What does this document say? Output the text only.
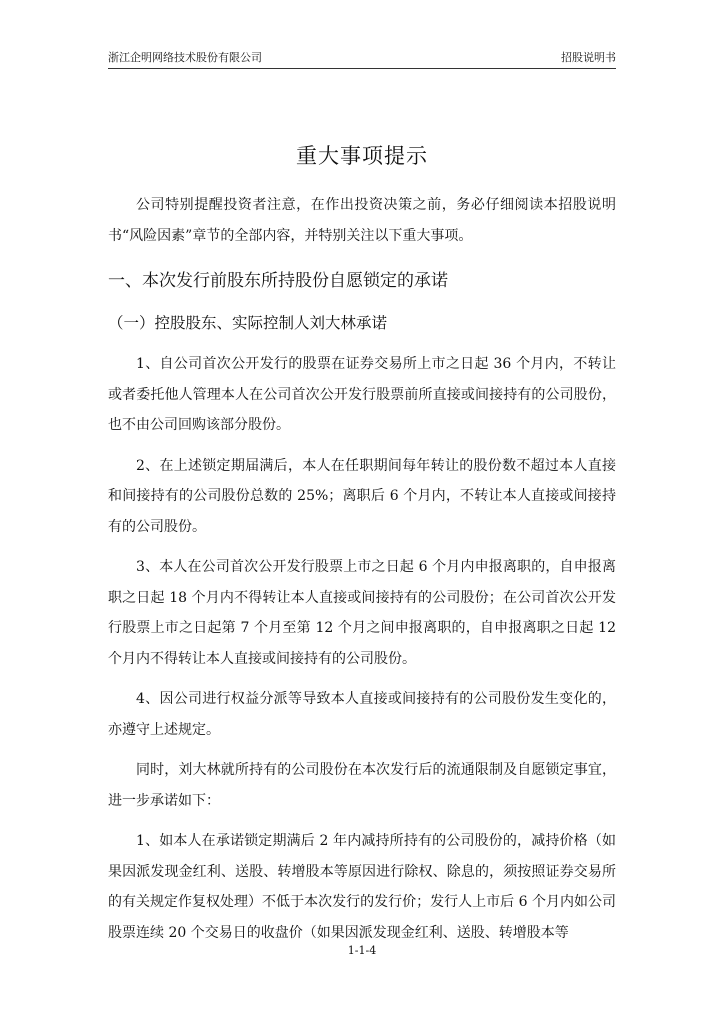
浙江企明网络技术股份有限公司	招股说明书
重大事项提示

公司特别提醒投资者注意，在作出投资决策之前，务必仔细阅读本招股说明书“风险因素”章节的全部内容，并特别关注以下重大事项。

一、本次发行前股东所持股份自愿锁定的承诺
（一）控股股东、实际控制人刘大林承诺

1、自公司首次公开发行的股票在证券交易所上市之日起 36 个月内，不转让或者委托他人管理本人在公司首次公开发行股票前所直接或间接持有的公司股份，也不由公司回购该部分股份。

2、在上述锁定期届满后，本人在任职期间每年转让的股份数不超过本人直接和间接持有的公司股份总数的 25%；离职后 6 个月内，不转让本人直接或间接持有的公司股份。

3、本人在公司首次公开发行股票上市之日起 6 个月内申报离职的，自申报离职之日起 18 个月内不得转让本人直接或间接持有的公司股份；在公司首次公开发行股票上市之日起第 7 个月至第 12 个月之间申报离职的，自申报离职之日起 12 个月内不得转让本人直接或间接持有的公司股份。

4、因公司进行权益分派等导致本人直接或间接持有的公司股份发生变化的，亦遵守上述规定。

同时，刘大林就所持有的公司股份在本次发行后的流通限制及自愿锁定事宜，进一步承诺如下：

1、如本人在承诺锁定期满后 2 年内减持所持有的公司股份的，减持价格（如果因派发现金红利、送股、转增股本等原因进行除权、除息的，须按照证券交易所的有关规定作复权处理）不低于本次发行的发行价；发行人上市后 6 个月内如公司股票连续 20 个交易日的收盘价（如果因派发现金红利、送股、转增股本等

1-1-4
